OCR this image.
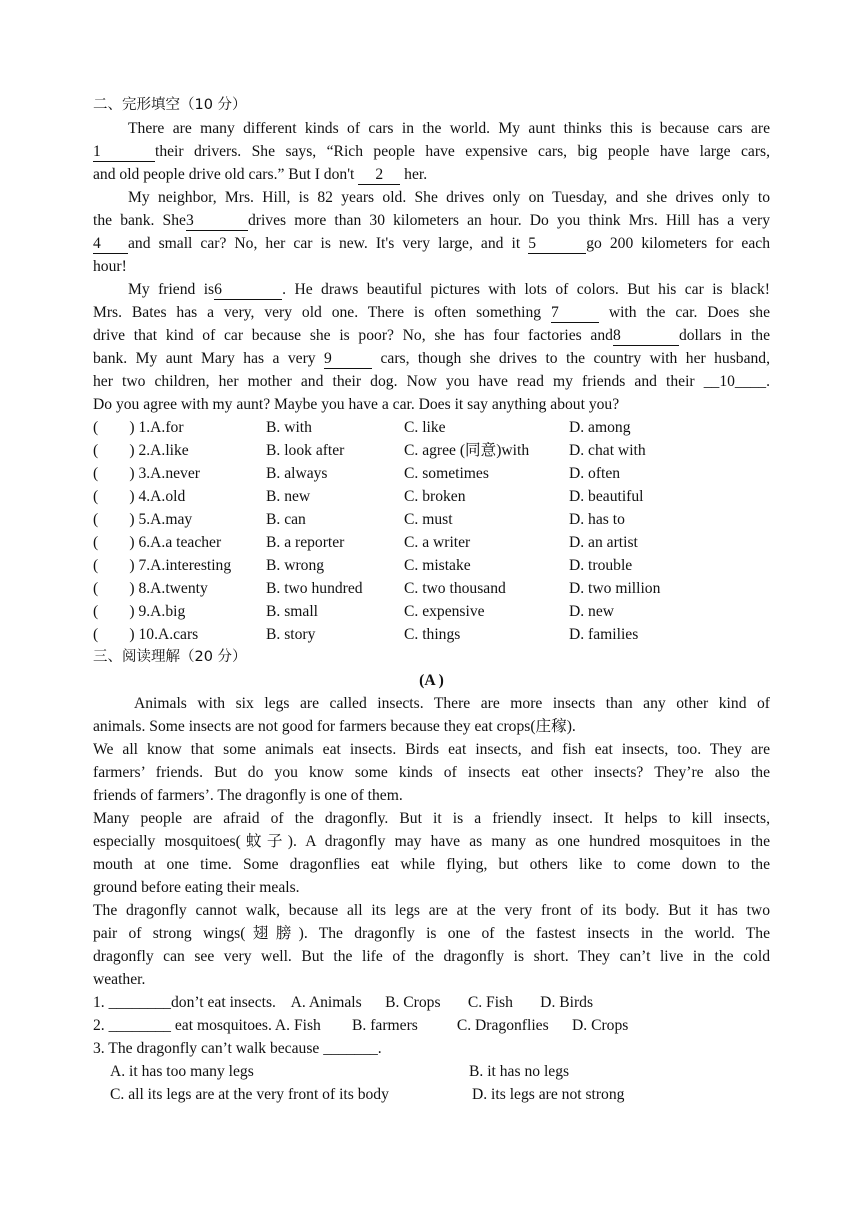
二、完形填空（10 分）
There are many different kinds of cars in the world. My aunt thinks this is because cars are
1	their drivers. She says, “Rich people have expensive cars, big people have large cars,
and old people drive old cars.” But I don't 2 her.
My neighbor, Mrs. Hill, is 82 years old. She drives only on Tuesday, and she drives only to
the bank. She3	drives more than 30 kilometers an hour. Do you think Mrs. Hill has a very
4 and small car? No, her car is new. It's very large, and it 5	go 200 kilometers for each
hour!
My friend is6	. He draws beautiful pictures with lots of colors. But his car is black!
Mrs. Bates has a very, very old one. There is often something 7	with the car. Does she
drive that kind of car because she is poor? No, she has four factories and8	dollars in the
bank. My aunt Mary has a very 9	cars, though she drives to the country with her husband,
her two children, her mother and their dog. Now you have read my friends and their __10____.
Do you agree with my aunt? Maybe you have a car. Does it say anything about you?
(        ) 1.A.for	B. with	C. like	D. among
(        ) 2.A.like	B. look after	C. agree (同意)with	D. chat with
(        ) 3.A.never	B. always	C. sometimes	D. often
(        ) 4.A.old	B. new	C. broken	D. beautiful
(        ) 5.A.may	B. can	C. must	D. has to
(        ) 6.A.a teacher	B. a reporter	C. a writer	D. an artist
(        ) 7.A.interesting B. wrong	C. mistake	D. trouble
(        ) 8.A.twenty	B. two hundred	C. two thousand	D. two million
(        ) 9.A.big	B. small	C. expensive	D. new
(        ) 10.A.cars	B. story	C. things	D. families
三、阅读理解（20 分）
(A )
Animals with six legs are called insects. There are more insects than any other kind of
animals. Some insects are not good for farmers because they eat crops(庄稼).
We all know that some animals eat insects. Birds eat insects, and fish eat insects, too. They are
farmers’ friends. But do you know some kinds of insects eat other insects? They’re also the
friends of farmers’. The dragonfly is one of them.
Many people are afraid of the dragonfly. But it is a friendly insect. It helps to kill insects,
especially mosquitoes(蚊子). A dragonfly may have as many as one hundred mosquitoes in the
mouth at one time. Some dragonflies eat while flying, but others like to come down to the
ground before eating their meals.
The dragonfly cannot walk, because all its legs are at the very front of its body. But it has two
pair of strong wings(翅膀). The dragonfly is one of the fastest insects in the world. The
dragonfly can see very well. But the life of the dragonfly is short. They can’t live in the cold
weather.
1. ________don’t eat insects.    A. Animals      B. Crops       C. Fish       D. Birds
2. ________ eat mosquitoes. A. Fish        B. farmers          C. Dragonflies      D. Crops
3. The dragonfly can’t walk because _______.
A. it has too many legs	B. it has no legs
C. all its legs are at the very front of its body	D. its legs are not strong
